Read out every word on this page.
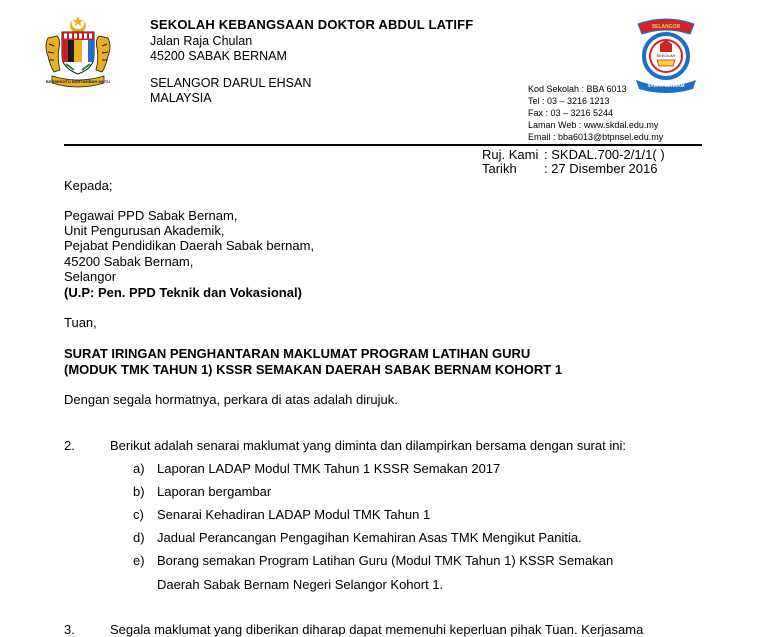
BERSEKUTU BERTAMBAH MUTU
SELANGOR
SEKOLAH
SABAK BERNAM
SEKOLAH KEBANGSAAN DOKTOR ABDUL LATIFF
Jalan Raja Chulan
45200 SABAK BERNAM
SELANGOR DARUL EHSAN
MALAYSIA
Kod Sekolah : BBA 6013
Tel : 03 – 3216 1213
Fax : 03 – 3216 5244
Laman Web : www.skdal.edu.my
Email : bba6013@btpnsel.edu.my
Ruj. Kami : SKDAL.700-2/1/1( )
Tarikh : 27 Disember 2016
Kepada;
Pegawai PPD Sabak Bernam,
Unit Pengurusan Akademik,
Pejabat Pendidikan Daerah Sabak bernam,
45200 Sabak Bernam,
Selangor
(U.P: Pen. PPD Teknik dan Vokasional)
Tuan,
SURAT IRINGAN PENGHANTARAN MAKLUMAT PROGRAM LATIHAN GURU
(MODUK TMK TAHUN 1) KSSR SEMAKAN DAERAH SABAK BERNAM KOHORT 1
Dengan segala hormatnya, perkara di atas adalah dirujuk.
2.	Berikut adalah senarai maklumat yang diminta dan dilampirkan bersama dengan surat ini:
a) Laporan LADAP Modul TMK Tahun 1 KSSR Semakan 2017
b) Laporan bergambar
c) Senarai Kehadiran LADAP Modul TMK Tahun 1
d) Jadual Perancangan Pengagihan Kemahiran Asas TMK Mengikut Panitia.
e) Borang semakan Program Latihan Guru (Modul TMK Tahun 1) KSSR Semakan
Daerah Sabak Bernam Negeri Selangor Kohort 1.
3.	Segala maklumat yang diberikan diharap dapat memenuhi keperluan pihak Tuan. Kerjasama
